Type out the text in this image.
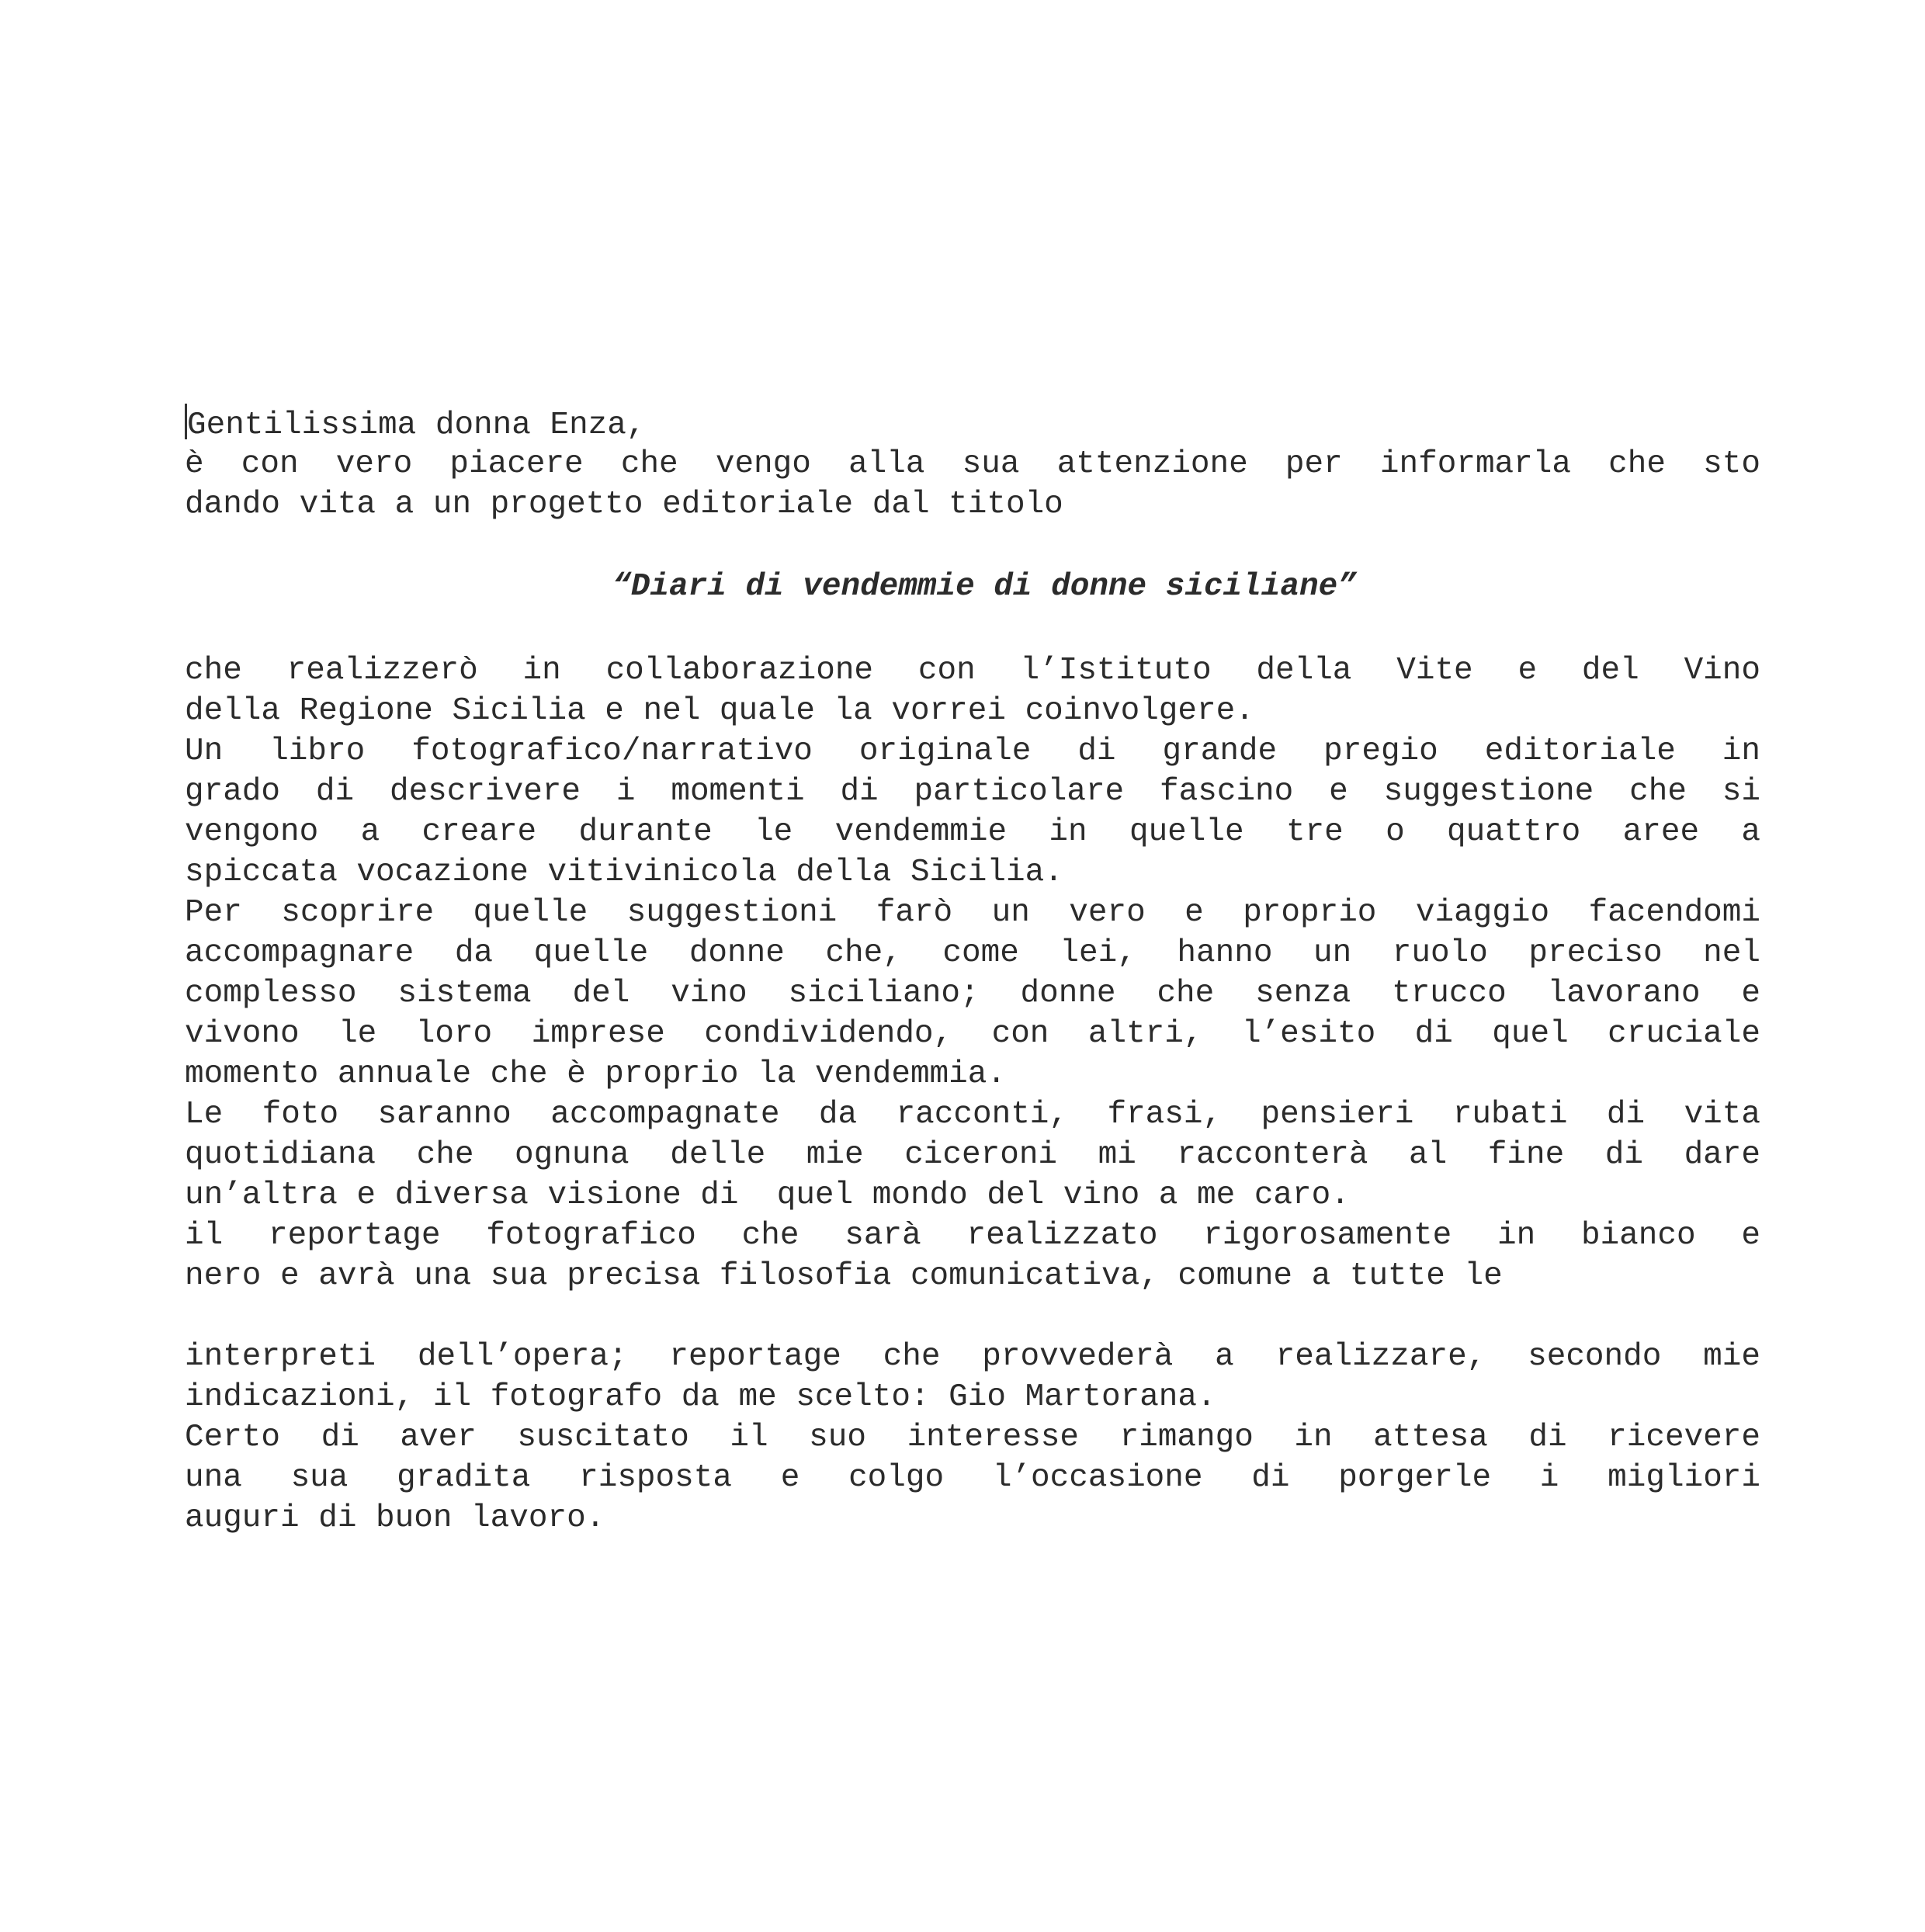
Gentilissima donna Enza,
è con vero piacere che vengo alla sua attenzione per informarla che sto
dando vita a un progetto editoriale dal titolo
“Diari di vendemmie di donne siciliane”
che realizzerò in collaborazione con l’Istituto della Vite e del Vino
della Regione Sicilia e nel quale la vorrei coinvolgere.
Un libro fotografico/narrativo originale di grande pregio editoriale in
grado di descrivere i momenti di particolare fascino e suggestione che si
vengono a creare durante le vendemmie in quelle tre o quattro aree a
spiccata vocazione vitivinicola della Sicilia.
Per scoprire quelle suggestioni farò un vero e proprio viaggio facendomi
accompagnare da quelle donne che, come lei, hanno un ruolo preciso nel
complesso sistema del vino siciliano; donne che senza trucco lavorano e
vivono le loro imprese condividendo, con altri, l’esito di quel cruciale
momento annuale che è proprio la vendemmia.
Le foto saranno accompagnate da racconti, frasi, pensieri rubati di vita
quotidiana che ognuna delle mie ciceroni mi racconterà al fine di dare
un’altra e diversa visione di  quel mondo del vino a me caro.
il reportage fotografico che sarà realizzato rigorosamente in bianco e
nero e avrà una sua precisa filosofia comunicativa, comune a tutte le
interpreti dell’opera; reportage che provvederà a realizzare, secondo mie
indicazioni, il fotografo da me scelto: Gio Martorana.
Certo di aver suscitato il suo interesse rimango in attesa di ricevere
una sua gradita risposta e colgo l’occasione di porgerle i migliori
auguri di buon lavoro.
